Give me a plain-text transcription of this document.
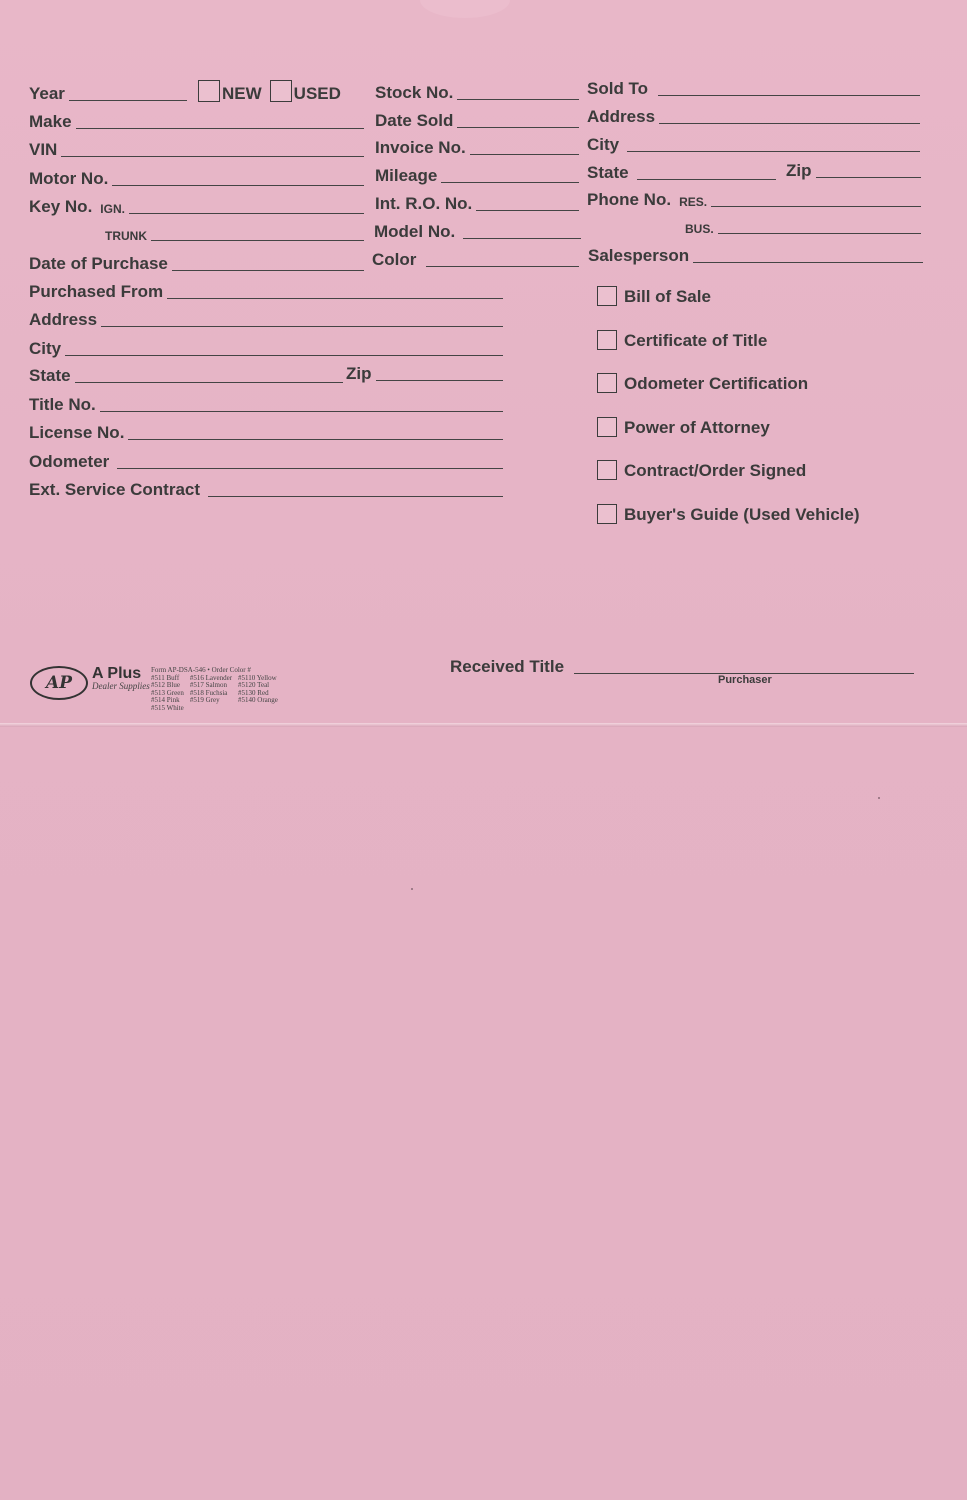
Year	NEW USED
Make
VIN
Motor No.
Key No. IGN.
TRUNK
Date of Purchase
Purchased From
Address
City
State	Zip
Title No.
License No.
Odometer
Ext. Service Contract
Stock No.
Date Sold
Invoice No.
Mileage
Int. R.O. No.
Model No.
Color
Sold To
Address
City
State	Zip
Phone No. RES.
BUS.
Salesperson
Bill of Sale
Certificate of Title
Odometer Certification
Power of Attorney
Contract/Order Signed
Buyer's Guide (Used Vehicle)
Received Title
Purchaser
AP	A Plus
Dealer Supplies
Form AP-DSA-546 • Order Color #
#511 Buff
#512 Blue
#513 Green
#514 Pink
#515 White
#516 Lavender
#517 Salmon
#518 Fuchsia
#519 Grey
#5110 Yellow
#5120 Teal
#5130 Red
#5140 Orange
